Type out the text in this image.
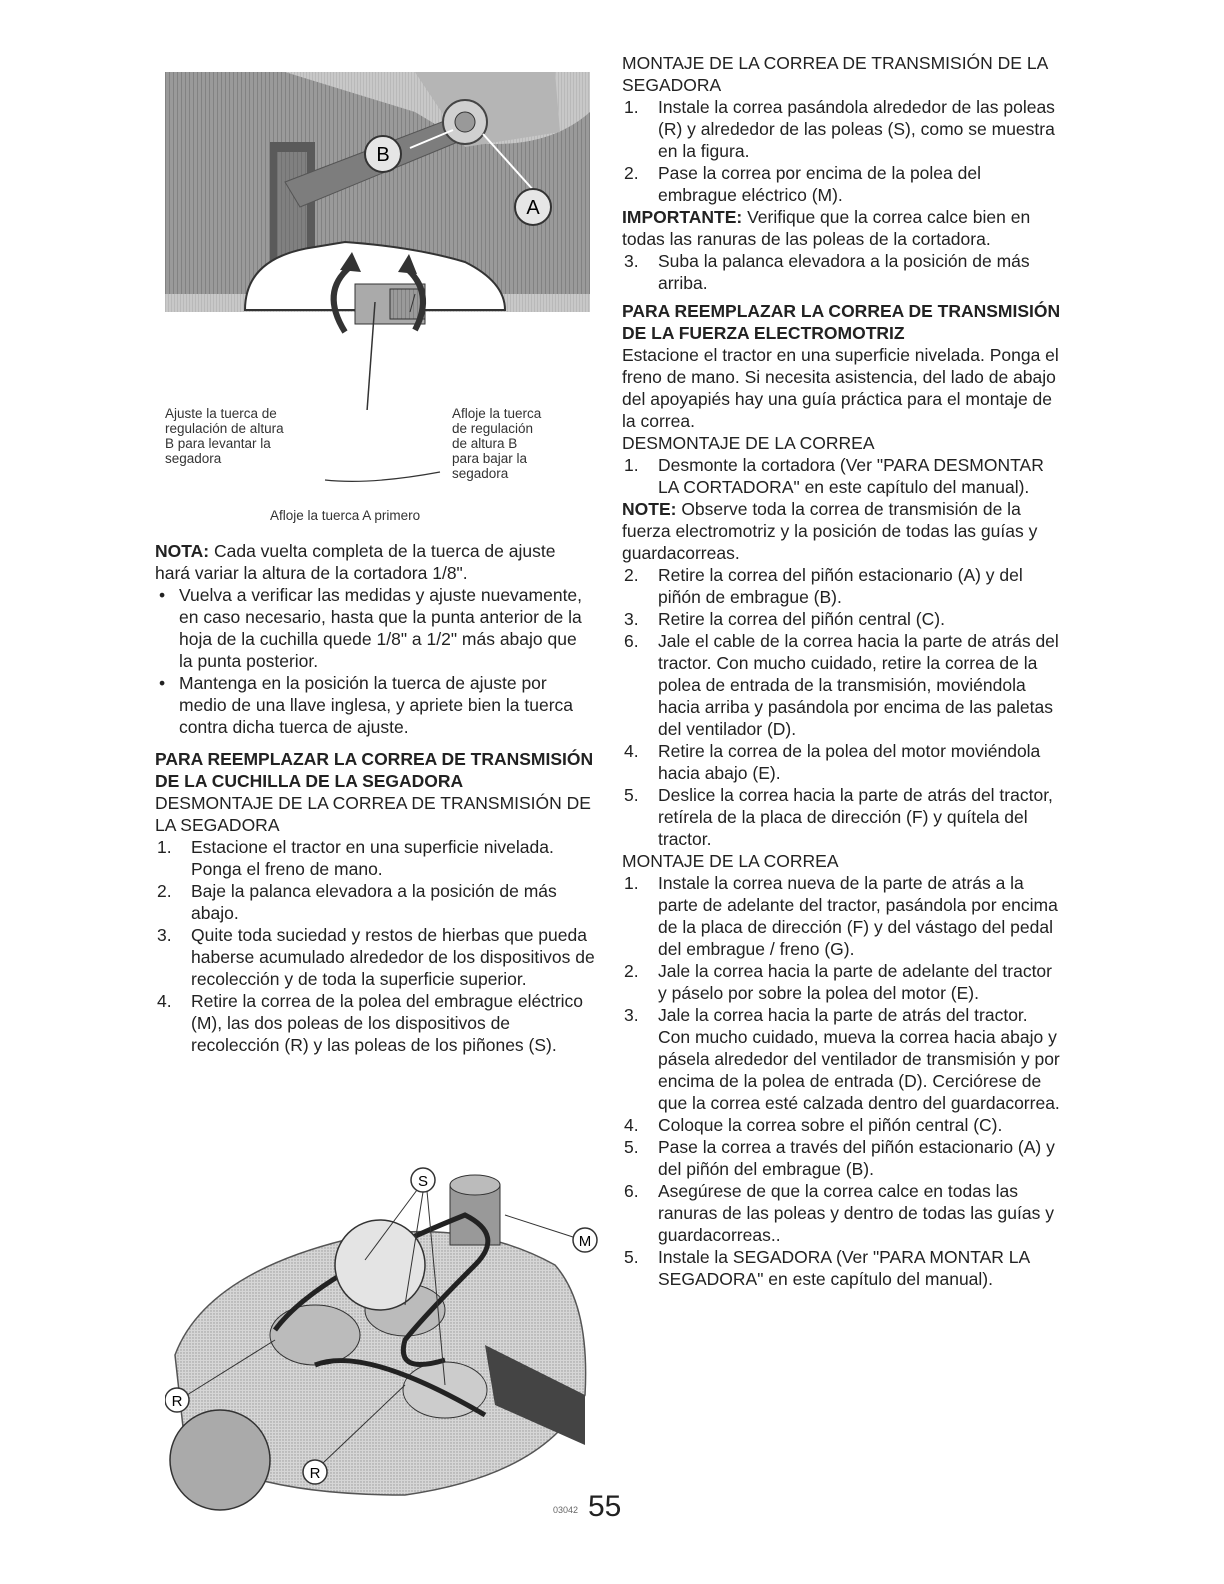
B
A
Ajuste la tuerca de
regulación de altura
B para levantar la
segadora
Afloje la tuerca
de regulación
de altura B
para bajar la
segadora
Afloje la tuerca A primero

NOTA: Cada vuelta completa de la tuerca de ajuste hará variar la altura de la cortadora 1/8".

• Vuelva a verificar las medidas y ajuste nuevamente, en caso necesario, hasta que la punta anterior de la hoja de la cuchilla quede 1/8" a 1/2" más abajo que la punta posterior.

• Mantenga en la posición la tuerca de ajuste por medio de una llave inglesa, y apriete bien la tuerca contra dicha tuerca de ajuste.

PARA REEMPLAZAR LA CORREA DE TRANSMISIÓN DE LA CUCHILLA DE LA SEGADORA

DESMONTAJE DE LA CORREA DE TRANSMISIÓN DE LA SEGADORA

1. Estacione el tractor en una superficie nivelada. Ponga el freno de mano.

2. Baje la palanca elevadora a la posición de más abajo.

3. Quite toda suciedad y restos de hierbas que pueda haberse acumulado alrededor de los dispositivos de recolección y de toda la superficie superior.

4. Retire la correa de la polea del embrague eléctrico (M), las dos poleas de los dispositivos de recolección (R) y las poleas de los piñones (S).

S
M
R
R
03042 55

MONTAJE DE LA CORREA DE TRANSMISIÓN DE LA SEGADORA

1. Instale la correa pasándola alrededor de las poleas (R) y alrededor de las poleas (S), como se muestra en la figura.

2. Pase la correa por encima de la polea del embrague eléctrico (M).

IMPORTANTE: Verifique que la correa calce bien en todas las ranuras de las poleas de la cortadora.

3. Suba la palanca elevadora a la posición de más arriba.

PARA REEMPLAZAR LA CORREA DE TRANSMISIÓN DE LA FUERZA ELECTROMOTRIZ

Estacione el tractor en una superficie nivelada. Ponga el freno de mano. Si necesita asistencia, del lado de abajo del apoyapiés hay una guía práctica para el montaje de la correa.

DESMONTAJE DE LA CORREA

1. Desmonte la cortadora (Ver "PARA DESMONTAR LA CORTADORA" en este capítulo del manual).

NOTE: Observe toda la correa de transmisión de la fuerza electromotriz y la posición de todas las guías y guardacorreas.

2. Retire la correa del piñón estacionario (A) y del piñón de embrague (B).

3. Retire la correa del piñón central (C).

6. Jale el cable de la correa hacia la parte de atrás del tractor. Con mucho cuidado, retire la correa de la polea de entrada de la transmisión, moviéndola hacia arriba y pasándola por encima de las paletas del ventilador (D).

4. Retire la correa de la polea del motor moviéndola hacia abajo (E).

5. Deslice la correa hacia la parte de atrás del tractor, retírela de la placa de dirección (F) y quítela del tractor.

MONTAJE DE LA CORREA

1. Instale la correa nueva de la parte de atrás a la parte de adelante del tractor, pasándola por encima de la placa de dirección (F) y del vástago del pedal del embrague / freno (G).

2. Jale la correa hacia la parte de adelante del tractor y páselo por sobre la polea del motor (E).

3. Jale la correa hacia la parte de atrás del tractor. Con mucho cuidado, mueva la correa hacia abajo y pásela alrededor del ventilador de transmisión y por encima de la polea de entrada (D). Cerciórese de que la correa esté calzada dentro del guardacorrea.

4. Coloque la correa sobre el piñón central (C).

5. Pase la correa a través del piñón estacionario (A) y del piñón del embrague (B).

6. Asegúrese de que la correa calce en todas las ranuras de las poleas y dentro de todas las guías y guardacorreas..

5. Instale la SEGADORA (Ver "PARA MONTAR LA SEGADORA" en este capítulo del manual).
